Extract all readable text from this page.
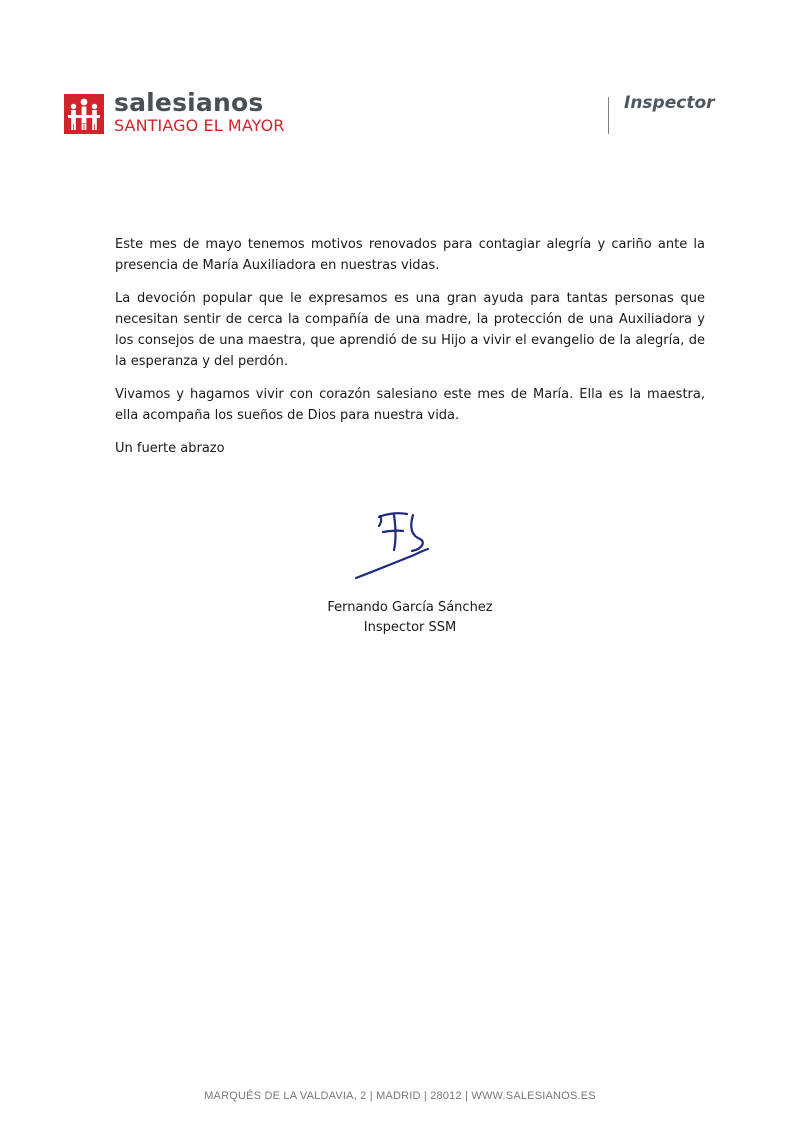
salesianos
SANTIAGO EL MAYOR
Inspector

Este mes de mayo tenemos motivos renovados para contagiar alegría y cariño ante la presencia de María Auxiliadora en nuestras vidas.

La devoción popular que le expresamos es una gran ayuda para tantas personas que necesitan sentir de cerca la compañía de una madre, la protección de una Auxiliadora y los consejos de una maestra, que aprendió de su Hijo a vivir el evangelio de la alegría, de la esperanza y del perdón.

Vivamos y hagamos vivir con corazón salesiano este mes de María. Ella es la maestra, ella acompaña los sueños de Dios para nuestra vida.

Un fuerte abrazo

Fernando García Sánchez
Inspector SSM
MARQUÉS DE LA VALDAVIA, 2 | MADRID | 28012 | WWW.SALESIANOS.ES
